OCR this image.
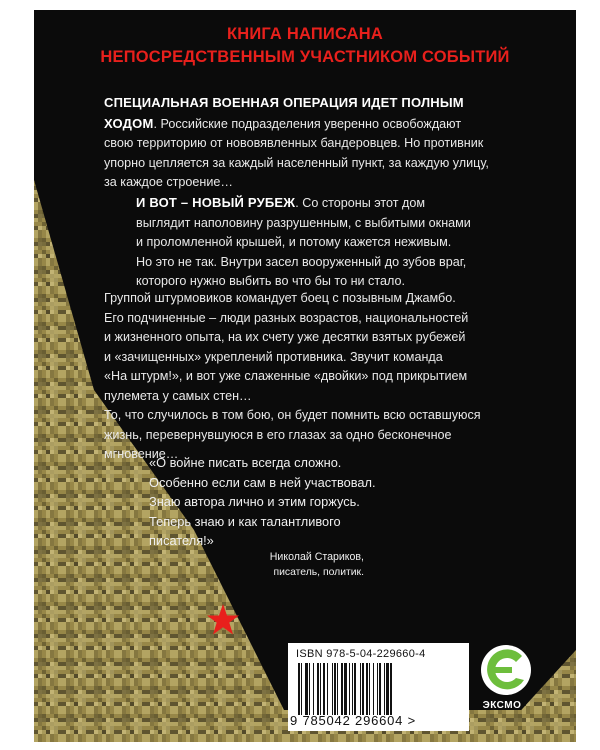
КНИГА НАПИСАНА
НЕПОСРЕДСТВЕННЫМ УЧАСТНИКОМ СОБЫТИЙ
СПЕЦИАЛЬНАЯ ВОЕННАЯ ОПЕРАЦИЯ ИДЕТ ПОЛНЫМ
ХОДОМ. Российские подразделения уверенно освобождают
свою территорию от нововявленных бандеровцев. Но противник
упорно цепляется за каждый населенный пункт, за каждую улицу,
за каждое строение…
И ВОТ – НОВЫЙ РУБЕЖ. Со стороны этот дом
выглядит наполовину разрушенным, с выбитыми окнами
и проломленной крышей, и потому кажется неживым.
Но это не так. Внутри засел вооруженный до зубов враг,
которого нужно выбить во что бы то ни стало.
Группой штурмовиков командует боец с позывным Джамбо.
Его подчиненные – люди разных возрастов, национальностей
и жизненного опыта, на их счету уже десятки взятых рубежей
и «зачищенных» укреплений противника. Звучит команда
«На штурм!», и вот уже слаженные «двойки» под прикрытием
пулемета у самых стен…
То, что случилось в том бою, он будет помнить всю оставшуюся
жизнь, перевернувшуюся в его глазах за одно бесконечное
мгновение…
«О войне писать всегда сложно.
Особенно если сам в ней участвовал.
Знаю автора лично и этим горжусь.
Теперь знаю и как талантливого
писателя!»
Николай Стариков,
писатель, политик.
ISBN 978-5-04-229660-4
9 785042 296604 >
ЭКСМО
